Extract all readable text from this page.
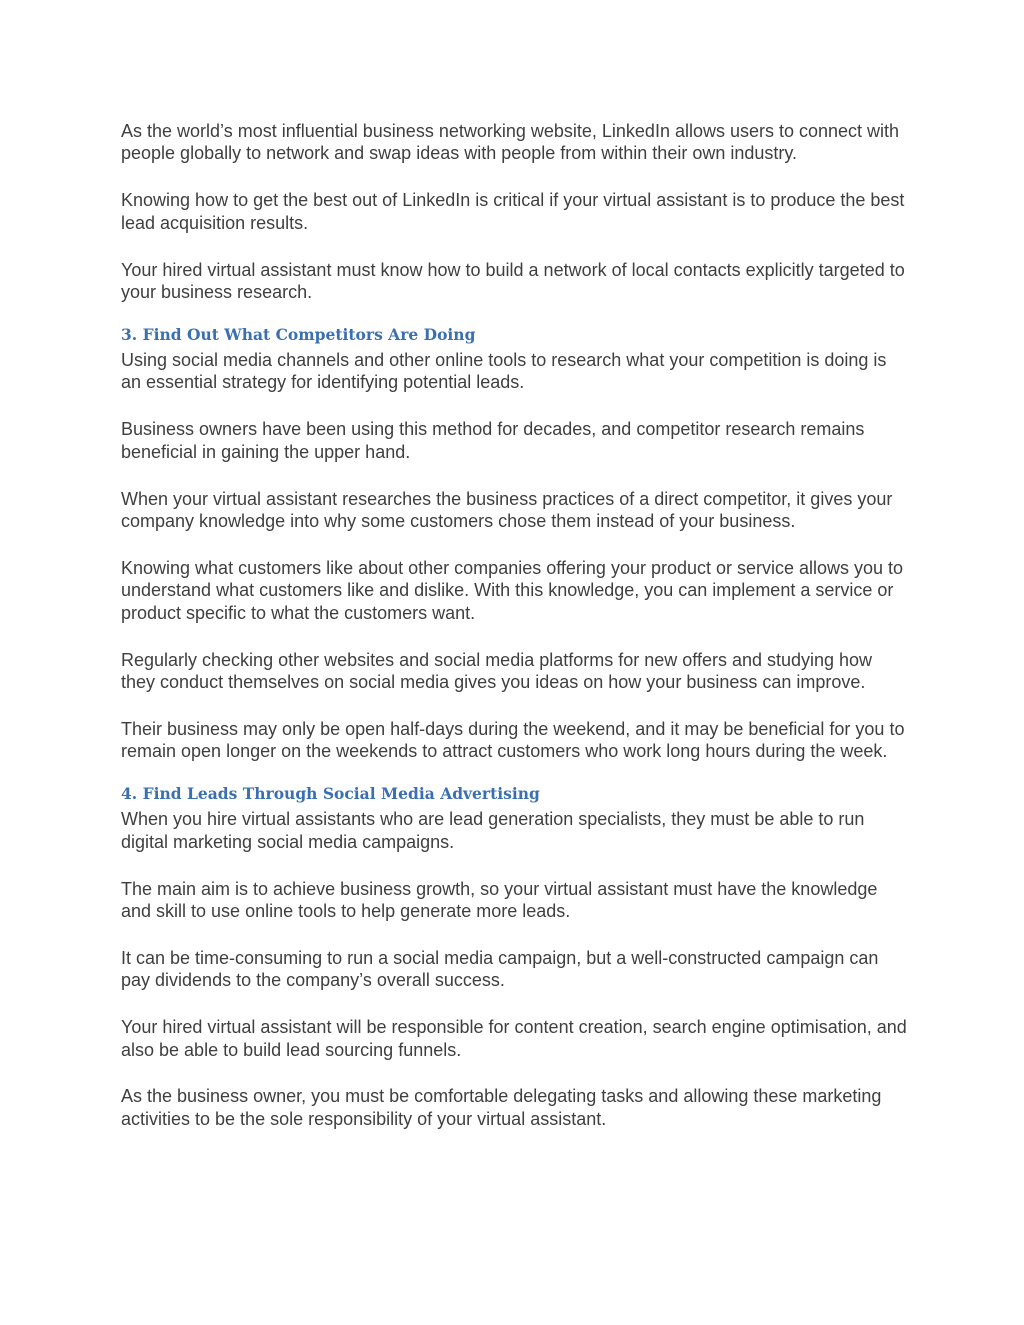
As the world’s most influential business networking website, LinkedIn allows users to connect with people globally to network and swap ideas with people from within their own industry.

Knowing how to get the best out of LinkedIn is critical if your virtual assistant is to produce the best lead acquisition results.

Your hired virtual assistant must know how to build a network of local contacts explicitly targeted to your business research.

3. Find Out What Competitors Are Doing

Using social media channels and other online tools to research what your competition is doing is an essential strategy for identifying potential leads.

Business owners have been using this method for decades, and competitor research remains beneficial in gaining the upper hand.

When your virtual assistant researches the business practices of a direct competitor, it gives your company knowledge into why some customers chose them instead of your business.

Knowing what customers like about other companies offering your product or service allows you to understand what customers like and dislike. With this knowledge, you can implement a service or product specific to what the customers want.

Regularly checking other websites and social media platforms for new offers and studying how they conduct themselves on social media gives you ideas on how your business can improve.

Their business may only be open half-days during the weekend, and it may be beneficial for you to remain open longer on the weekends to attract customers who work long hours during the week.

4. Find Leads Through Social Media Advertising

When you hire virtual assistants who are lead generation specialists, they must be able to run digital marketing social media campaigns.

The main aim is to achieve business growth, so your virtual assistant must have the knowledge and skill to use online tools to help generate more leads.

It can be time-consuming to run a social media campaign, but a well-constructed campaign can pay dividends to the company’s overall success.

Your hired virtual assistant will be responsible for content creation, search engine optimisation, and also be able to build lead sourcing funnels.

As the business owner, you must be comfortable delegating tasks and allowing these marketing activities to be the sole responsibility of your virtual assistant.
